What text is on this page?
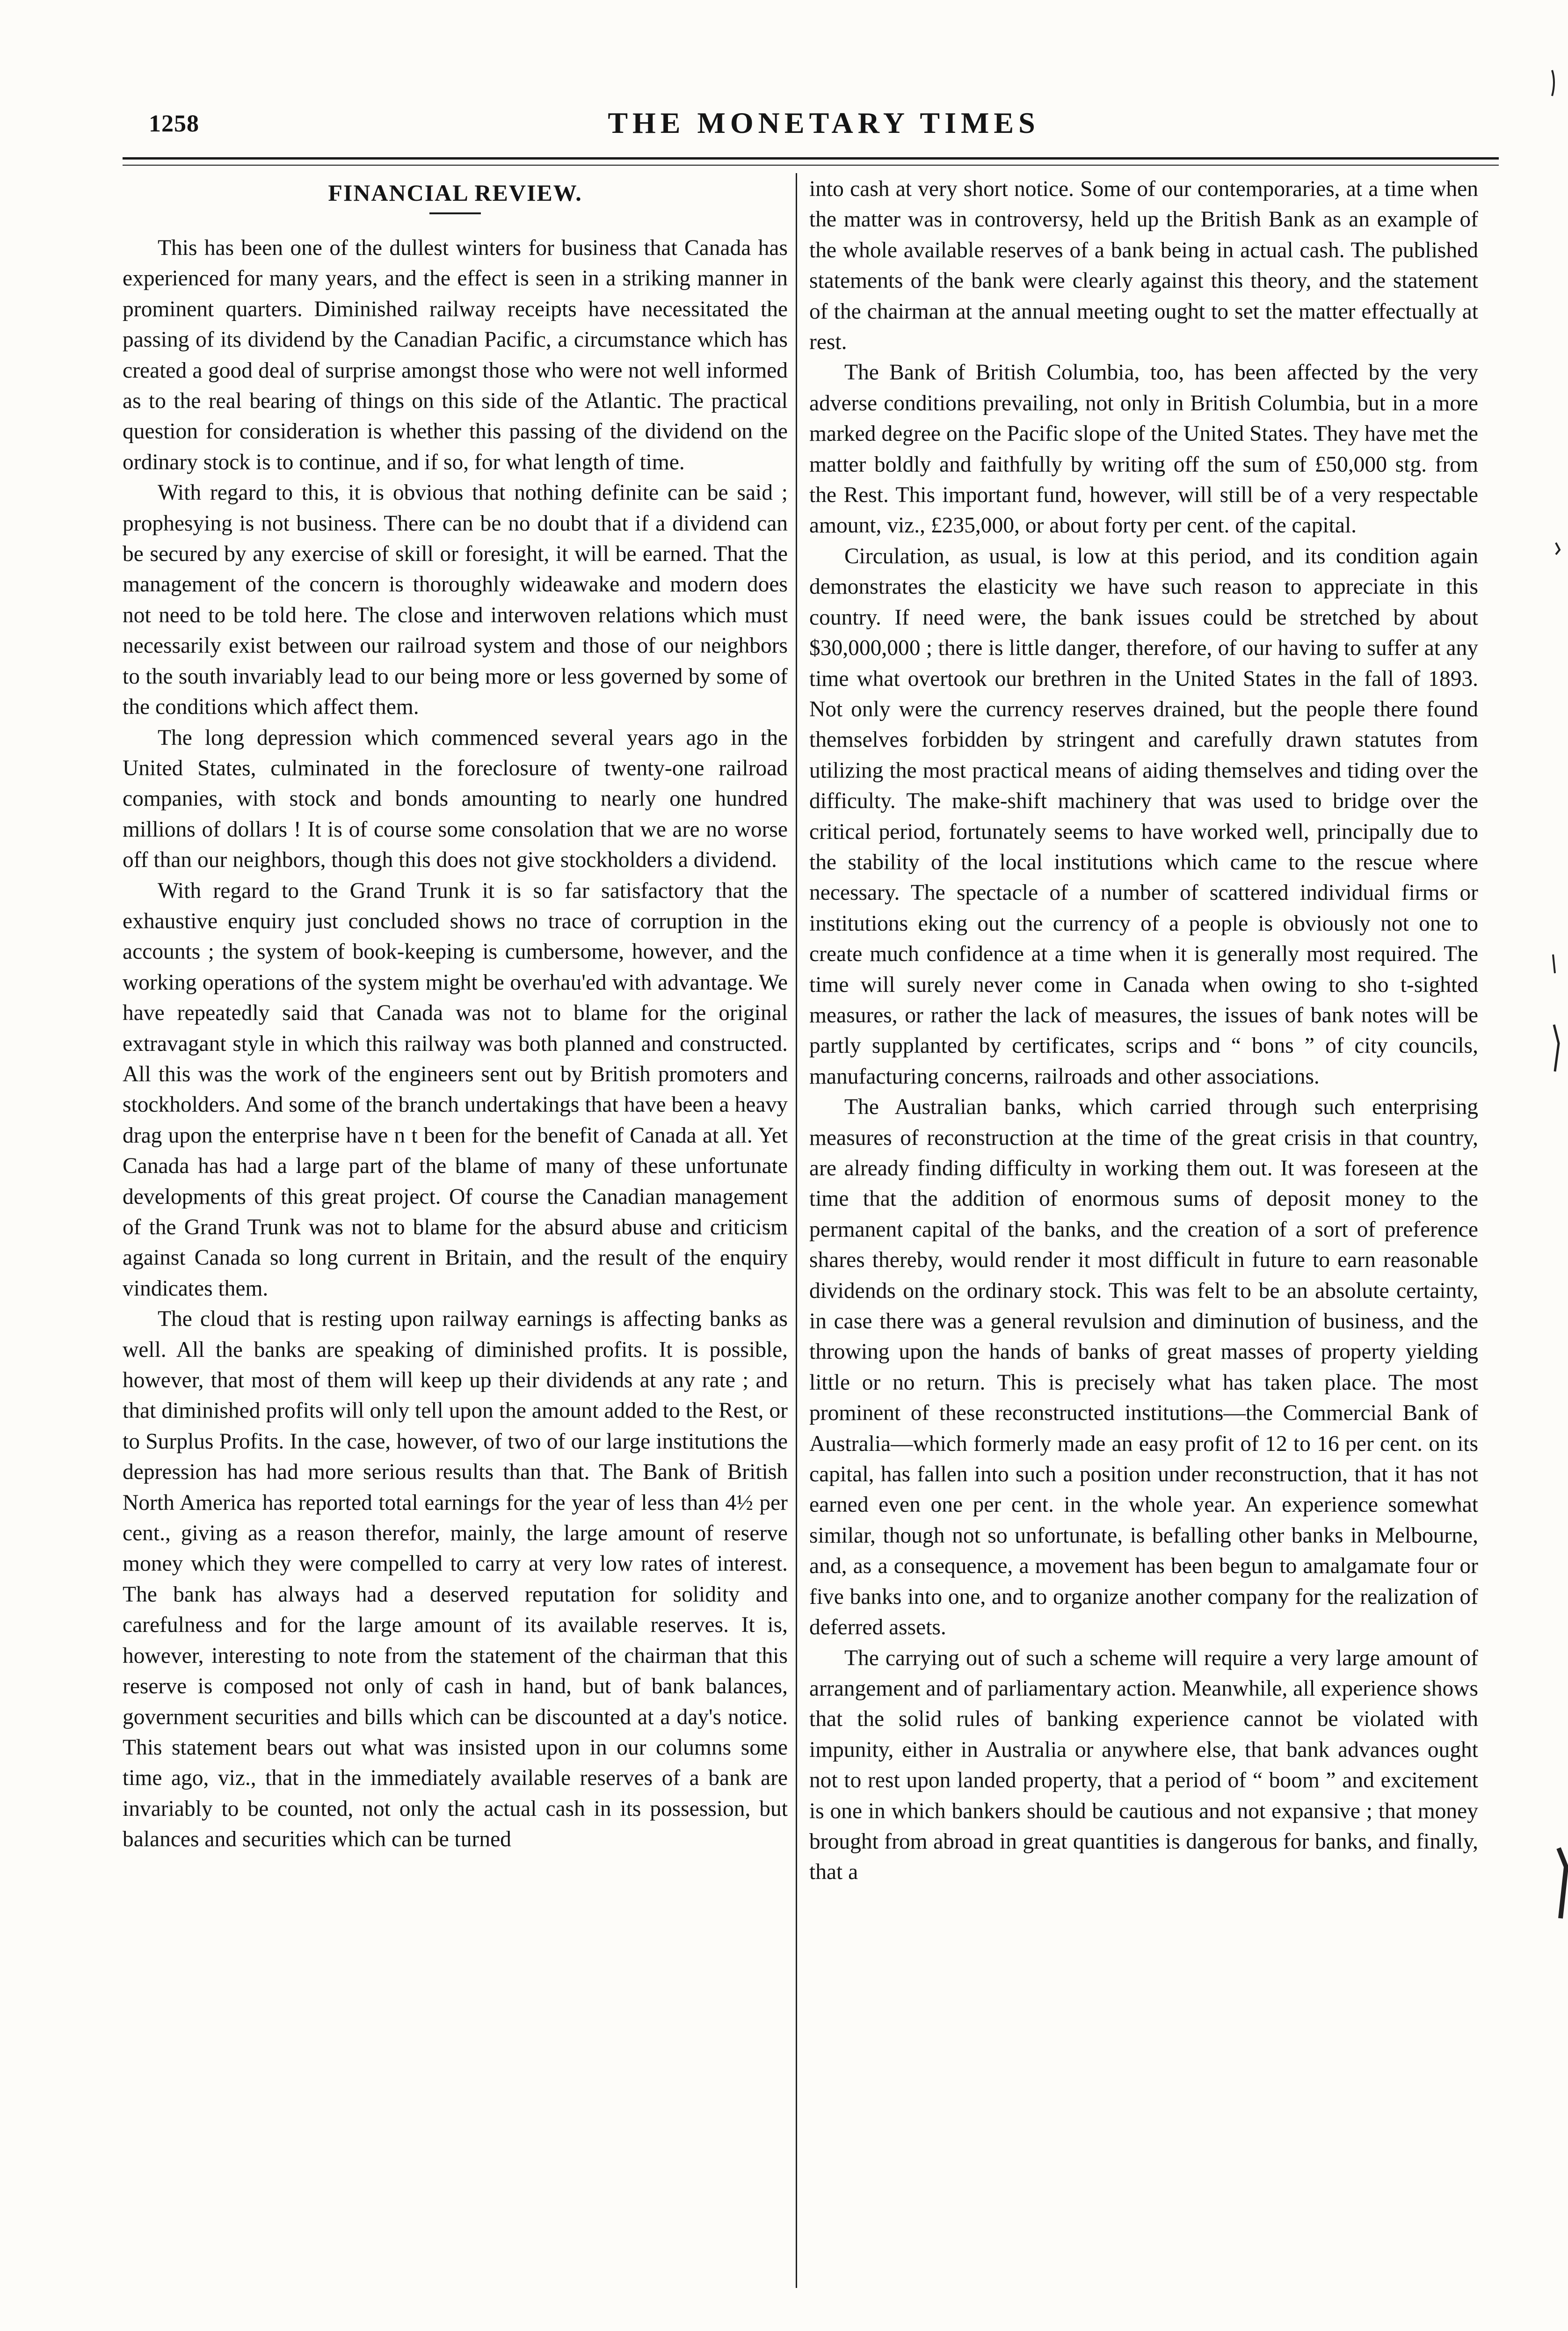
1258	THE MONETARY TIMES
FINANCIAL REVIEW.

This has been one of the dullest winters for business that Canada has experienced for many years, and the effect is seen in a striking manner in prominent quarters. Diminished railway receipts have necessitated the passing of its dividend by the Canadian Pacific, a circumstance which has created a good deal of surprise amongst those who were not well informed as to the real bearing of things on this side of the Atlantic. The practical question for consideration is whether this passing of the dividend on the ordinary stock is to continue, and if so, for what length of time.

With regard to this, it is obvious that nothing definite can be said ; prophesying is not business. There can be no doubt that if a dividend can be secured by any exercise of skill or foresight, it will be earned. That the management of the concern is thoroughly wideawake and modern does not need to be told here. The close and interwoven relations which must necessarily exist between our railroad system and those of our neighbors to the south invariably lead to our being more or less governed by some of the conditions which affect them.

The long depression which commenced several years ago in the United States, culminated in the foreclosure of twenty-one railroad companies, with stock and bonds amounting to nearly one hundred millions of dollars ! It is of course some consolation that we are no worse off than our neighbors, though this does not give stockholders a dividend.

With regard to the Grand Trunk it is so far satisfactory that the exhaustive enquiry just concluded shows no trace of corruption in the accounts ; the system of book-keeping is cumbersome, however, and the working operations of the system might be overhau'ed with advantage. We have repeatedly said that Canada was not to blame for the original extravagant style in which this railway was both planned and constructed. All this was the work of the engineers sent out by British promoters and stockholders. And some of the branch undertakings that have been a heavy drag upon the enterprise have n t been for the benefit of Canada at all. Yet Canada has had a large part of the blame of many of these unfortunate developments of this great project. Of course the Canadian management of the Grand Trunk was not to blame for the absurd abuse and criticism against Canada so long current in Britain, and the result of the enquiry vindicates them.

The cloud that is resting upon railway earnings is affecting banks as well. All the banks are speaking of diminished profits. It is possible, however, that most of them will keep up their dividends at any rate ; and that diminished profits will only tell upon the amount added to the Rest, or to Surplus Profits. In the case, however, of two of our large institutions the depression has had more serious results than that. The Bank of British North America has reported total earnings for the year of less than 4½ per cent., giving as a reason therefor, mainly, the large amount of reserve money which they were compelled to carry at very low rates of interest. The bank has always had a deserved reputation for solidity and carefulness and for the large amount of its available reserves. It is, however, interesting to note from the statement of the chairman that this reserve is composed not only of cash in hand, but of bank balances, government securities and bills which can be discounted at a day's notice. This statement bears out what was insisted upon in our columns some time ago, viz., that in the immediately available reserves of a bank are invariably to be counted, not only the actual cash in its possession, but balances and securities which can be turned

into cash at very short notice. Some of our contemporaries, at a time when the matter was in controversy, held up the British Bank as an example of the whole available reserves of a bank being in actual cash. The published statements of the bank were clearly against this theory, and the statement of the chairman at the annual meeting ought to set the matter effectually at rest.

The Bank of British Columbia, too, has been affected by the very adverse conditions prevailing, not only in British Columbia, but in a more marked degree on the Pacific slope of the United States. They have met the matter boldly and faithfully by writing off the sum of £50,000 stg. from the Rest. This important fund, however, will still be of a very respectable amount, viz., £235,000, or about forty per cent. of the capital.

Circulation, as usual, is low at this period, and its condition again demonstrates the elasticity we have such reason to appreciate in this country. If need were, the bank issues could be stretched by about $30,000,000 ; there is little danger, therefore, of our having to suffer at any time what overtook our brethren in the United States in the fall of 1893. Not only were the currency reserves drained, but the people there found themselves forbidden by stringent and carefully drawn statutes from utilizing the most practical means of aiding themselves and tiding over the difficulty. The make-shift machinery that was used to bridge over the critical period, fortunately seems to have worked well, principally due to the stability of the local institutions which came to the rescue where necessary. The spectacle of a number of scattered individual firms or institutions eking out the currency of a people is obviously not one to create much confidence at a time when it is generally most required. The time will surely never come in Canada when owing to sho t-sighted measures, or rather the lack of measures, the issues of bank notes will be partly supplanted by certificates, scrips and “ bons ” of city councils, manufacturing concerns, railroads and other associations.

The Australian banks, which carried through such enterprising measures of reconstruction at the time of the great crisis in that country, are already finding difficulty in working them out. It was foreseen at the time that the addition of enormous sums of deposit money to the permanent capital of the banks, and the creation of a sort of preference shares thereby, would render it most difficult in future to earn reasonable dividends on the ordinary stock. This was felt to be an absolute certainty, in case there was a general revulsion and diminution of business, and the throwing upon the hands of banks of great masses of property yielding little or no return. This is precisely what has taken place. The most prominent of these reconstructed institutions—the Commercial Bank of Australia—which formerly made an easy profit of 12 to 16 per cent. on its capital, has fallen into such a position under reconstruction, that it has not earned even one per cent. in the whole year. An experience somewhat similar, though not so unfortunate, is befalling other banks in Melbourne, and, as a consequence, a movement has been begun to amalgamate four or five banks into one, and to organize another company for the realization of deferred assets.

The carrying out of such a scheme will require a very large amount of arrangement and of parliamentary action. Meanwhile, all experience shows that the solid rules of banking experience cannot be violated with impunity, either in Australia or anywhere else, that bank advances ought not to rest upon landed property, that a period of “ boom ” and excitement is one in which bankers should be cautious and not expansive ; that money brought from abroad in great quantities is dangerous for banks, and finally, that a
